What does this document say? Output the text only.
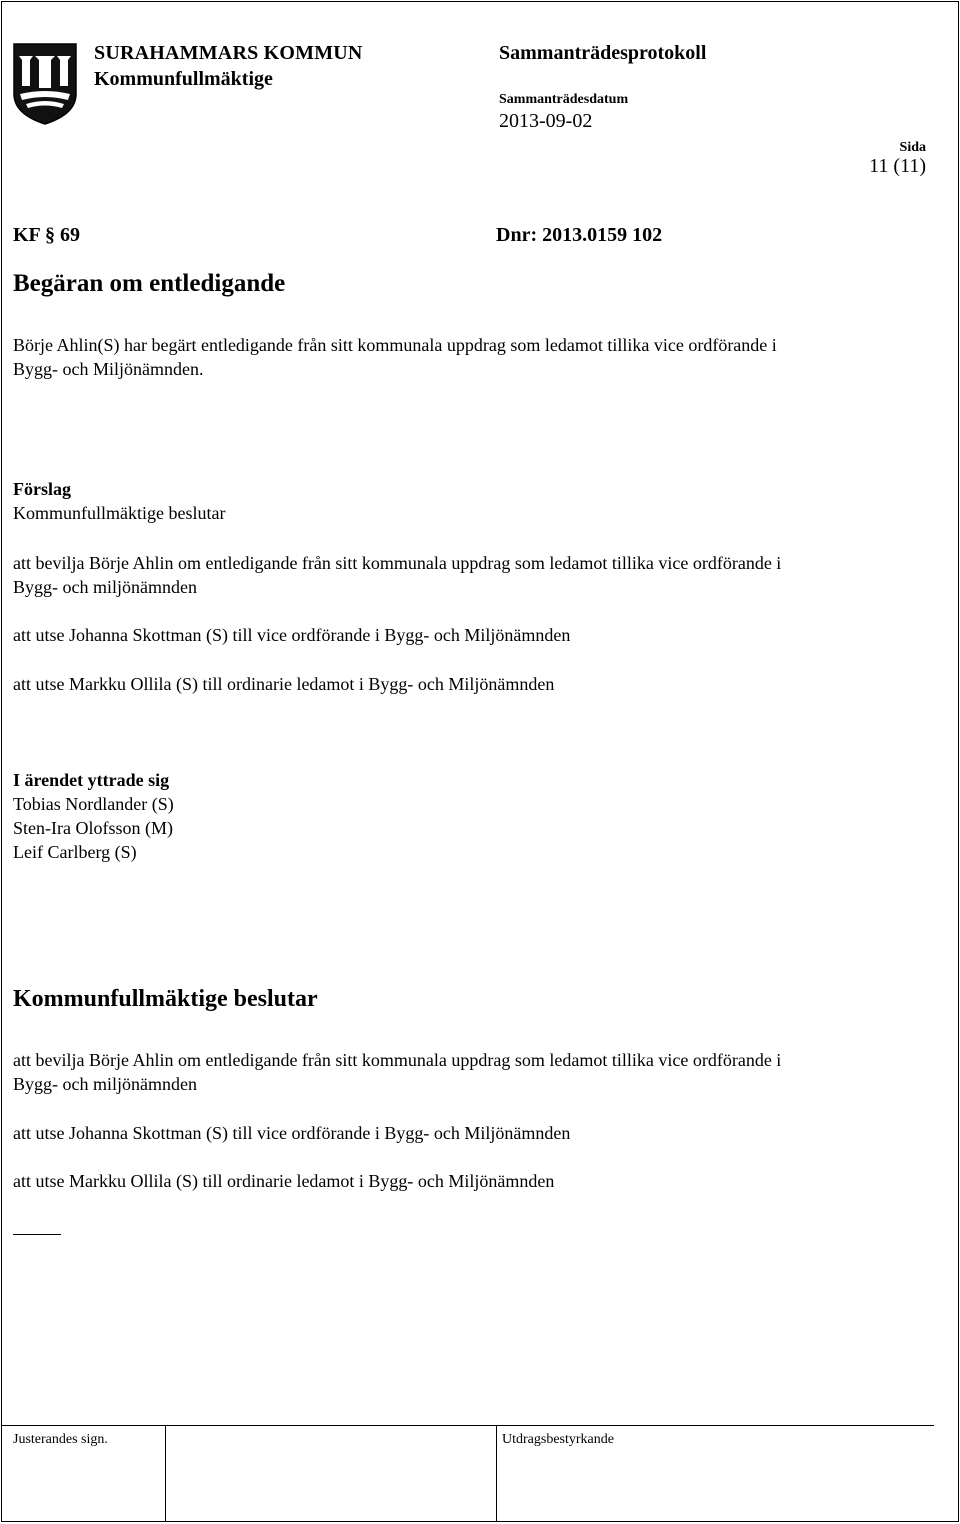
SURAHAMMARS KOMMUN
Kommunfullmäktige
Sammanträdesprotokoll
Sammanträdesdatum
2013-09-02
Sida
11 (11)
KF § 69	Dnr: 2013.0159 102
Begäran om entledigande
Börje Ahlin(S) har begärt entledigande från sitt kommunala uppdrag som ledamot tillika vice ordförande i
Bygg- och Miljönämnden.
Förslag
Kommunfullmäktige beslutar
att bevilja Börje Ahlin om entledigande från sitt kommunala uppdrag som ledamot tillika vice ordförande i
Bygg- och miljönämnden
att utse Johanna Skottman (S) till vice ordförande i Bygg- och Miljönämnden
att utse Markku Ollila (S) till ordinarie ledamot i Bygg- och Miljönämnden
I ärendet yttrade sig
Tobias Nordlander (S)
Sten-Ira Olofsson (M)
Leif Carlberg (S)
Kommunfullmäktige beslutar
att bevilja Börje Ahlin om entledigande från sitt kommunala uppdrag som ledamot tillika vice ordförande i
Bygg- och miljönämnden
att utse Johanna Skottman (S) till vice ordförande i Bygg- och Miljönämnden
att utse Markku Ollila (S) till ordinarie ledamot i Bygg- och Miljönämnden
Justerandes sign.	Utdragsbestyrkande
